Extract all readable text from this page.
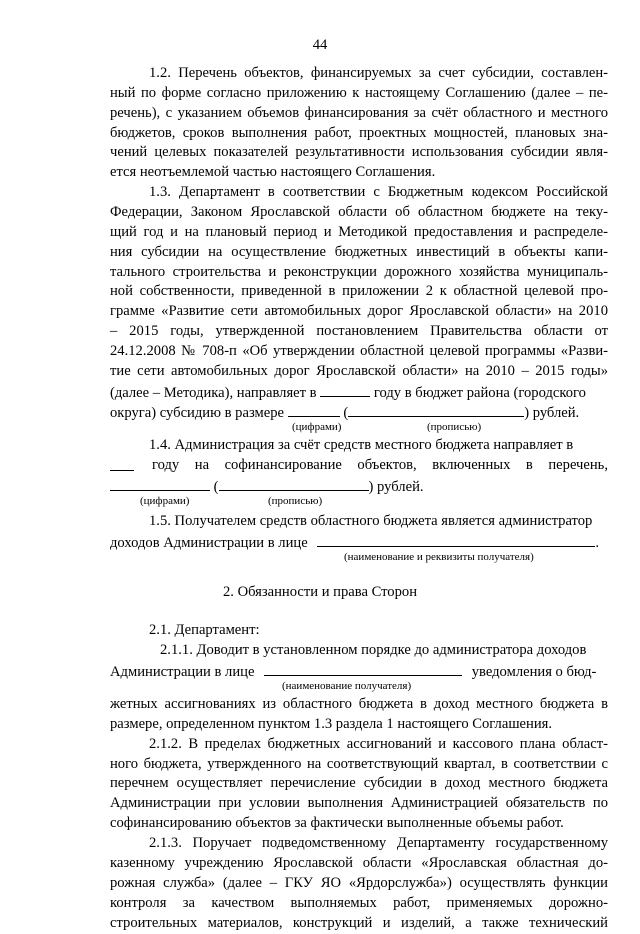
44
1.2. Перечень объектов, финансируемых за счет субсидии, составлен-
ный по форме согласно приложению к настоящему Соглашению (далее – пе-
речень), с указанием объемов финансирования за счёт областного и местного
бюджетов, сроков выполнения работ, проектных мощностей, плановых зна-
чений целевых показателей результативности использования субсидии явля-
ется неотъемлемой частью настоящего Соглашения.
1.3. Департамент в соответствии с Бюджетным кодексом Российской
Федерации, Законом Ярославской области об областном бюджете на теку-
щий год и на плановый период и Методикой предоставления и распределе-
ния субсидии на осуществление бюджетных инвестиций в объекты капи-
тального строительства и реконструкции дорожного хозяйства муниципаль-
ной собственности, приведенной в приложении 2 к областной целевой про-
грамме «Развитие сети автомобильных дорог Ярославской области» на 2010
– 2015 годы, утвержденной постановлением Правительства области от
24.12.2008 № 708-п «Об утверждении областной целевой программы «Разви-
тие сети автомобильных дорог Ярославской области» на 2010 – 2015 годы»
(далее – Методика), направляет в	году в бюджет района (городского
округа) субсидию в размере	(	) рублей.
(цифрами)	(прописью)
1.4. Администрация за счёт средств местного бюджета направляет в
году на софинансирование объектов, включенных в перечень,
(	) рублей.
(цифрами)	(прописью)
1.5. Получателем средств областного бюджета является администратор
доходов Администрации в лице	.
(наименование и реквизиты получателя)
2. Обязанности и права Сторон
2.1. Департамент:
2.1.1. Доводит в установленном порядке до администратора доходов
Администрации в лице	уведомления о бюд-
(наименование получателя)
жетных ассигнованиях из областного бюджета в доход местного бюджета в
размере, определенном пунктом 1.3 раздела 1 настоящего Соглашения.
2.1.2. В пределах бюджетных ассигнований и кассового плана област-
ного бюджета, утвержденного на соответствующий квартал, в соответствии с
перечнем осуществляет перечисление субсидии в доход местного бюджета
Администрации при условии выполнения Администрацией обязательств по
софинансированию объектов за фактически выполненные объемы работ.
2.1.3. Поручает подведомственному Департаменту государственному
казенному учреждению Ярославской области «Ярославская областная до-
рожная служба» (далее – ГКУ ЯО «Ярдорслужба») осуществлять функции
контроля за качеством выполняемых работ, применяемых дорожно-
строительных материалов, конструкций и изделий, а также технический
